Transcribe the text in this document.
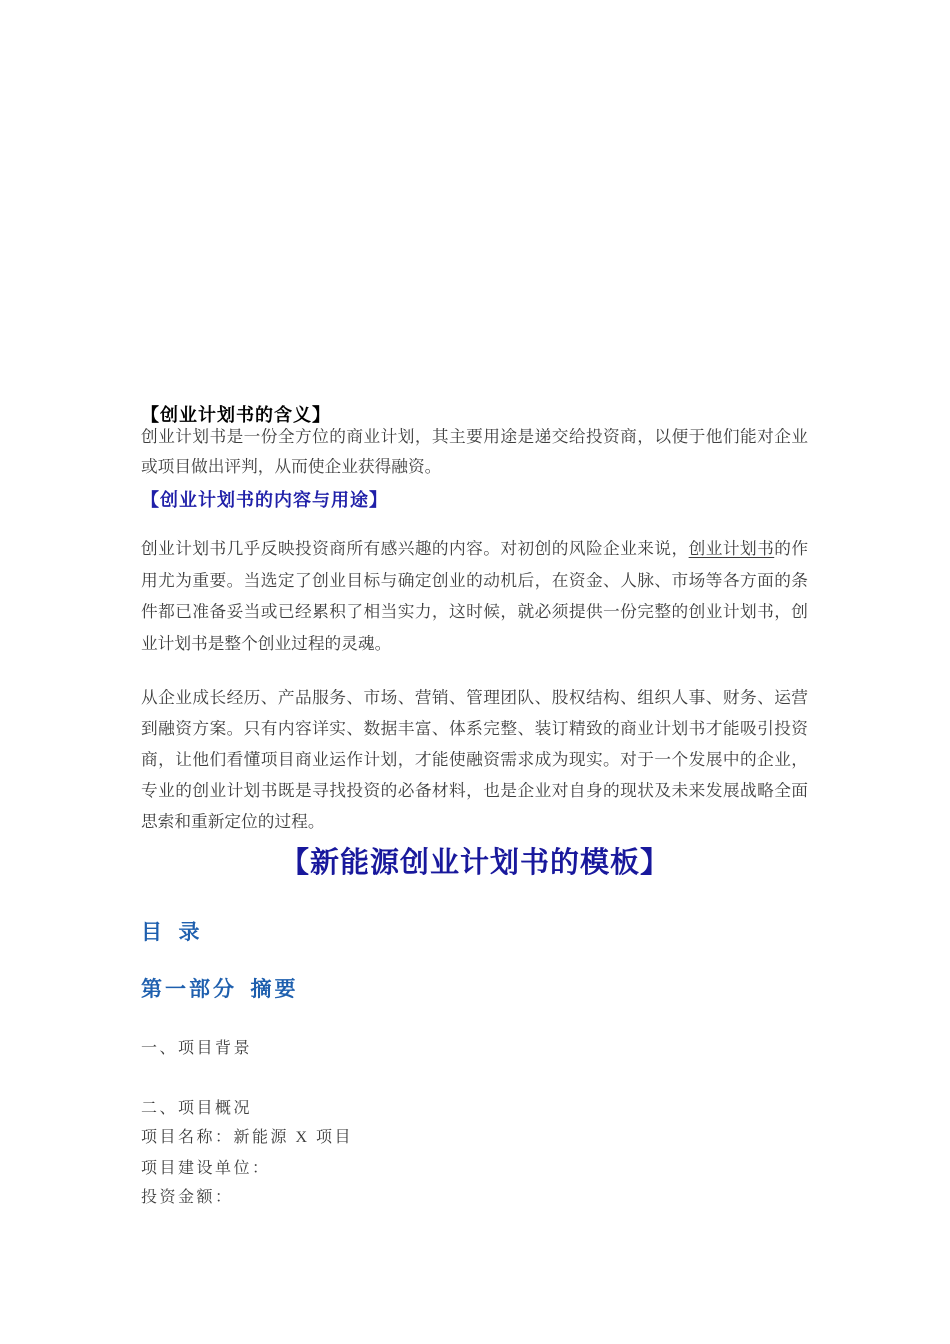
【创业计划书的含义】
创业计划书是一份全方位的商业计划，其主要用途是递交给投资商，以便于他们能对企业或项目做出评判，从而使企业获得融资。
【创业计划书的内容与用途】
创业计划书几乎反映投资商所有感兴趣的内容。对初创的风险企业来说，创业计划书的作用尤为重要。当选定了创业目标与确定创业的动机后，在资金、人脉、市场等各方面的条件都已准备妥当或已经累积了相当实力，这时候，就必须提供一份完整的创业计划书，创业计划书是整个创业过程的灵魂。
从企业成长经历、产品服务、市场、营销、管理团队、股权结构、组织人事、财务、运营到融资方案。只有内容详实、数据丰富、体系完整、装订精致的商业计划书才能吸引投资商，让他们看懂项目商业运作计划，才能使融资需求成为现实。对于一个发展中的企业，专业的创业计划书既是寻找投资的必备材料，也是企业对自身的现状及未来发展战略全面思索和重新定位的过程。
【新能源创业计划书的模板】
目 录
第一部分 摘要
一、项目背景
二、项目概况
项目名称：新能源 X 项目
项目建设单位：
投资金额：
